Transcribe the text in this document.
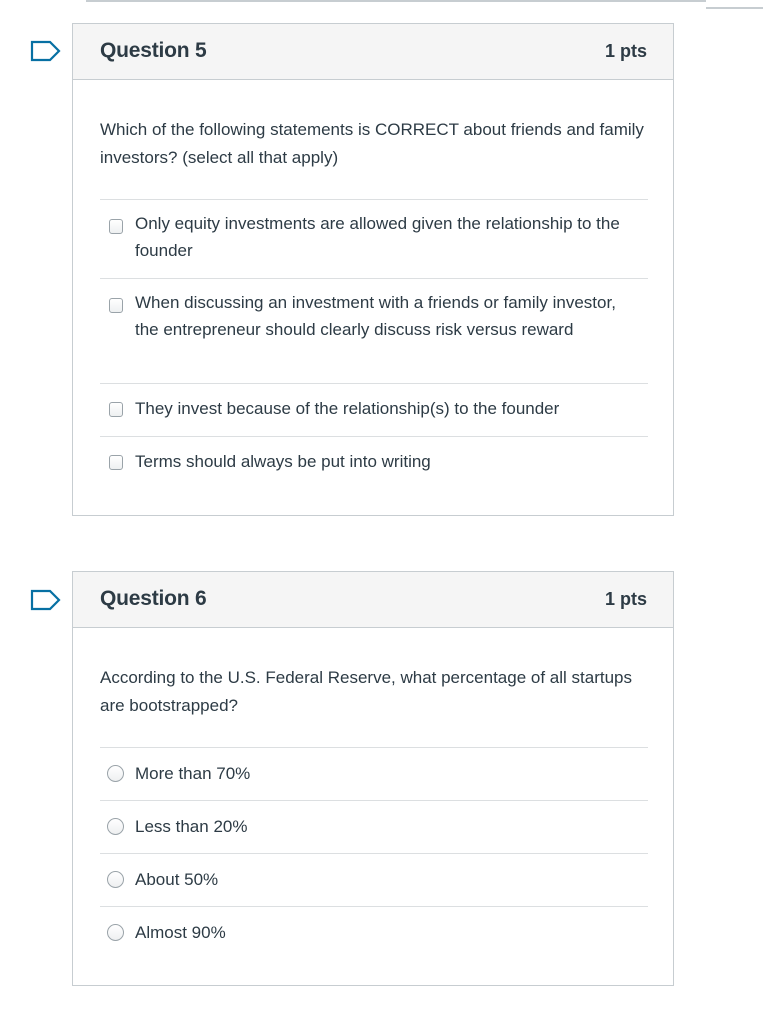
Question 5	1 pts
Which of the following statements is CORRECT about friends and family investors? (select all that apply)
Only equity investments are allowed given the relationship to the founder
When discussing an investment with a friends or family investor, the entrepreneur should clearly discuss risk versus reward
They invest because of the relationship(s) to the founder
Terms should always be put into writing
Question 6	1 pts
According to the U.S. Federal Reserve, what percentage of all startups are bootstrapped?
More than 70%
Less than 20%
About 50%
Almost 90%
